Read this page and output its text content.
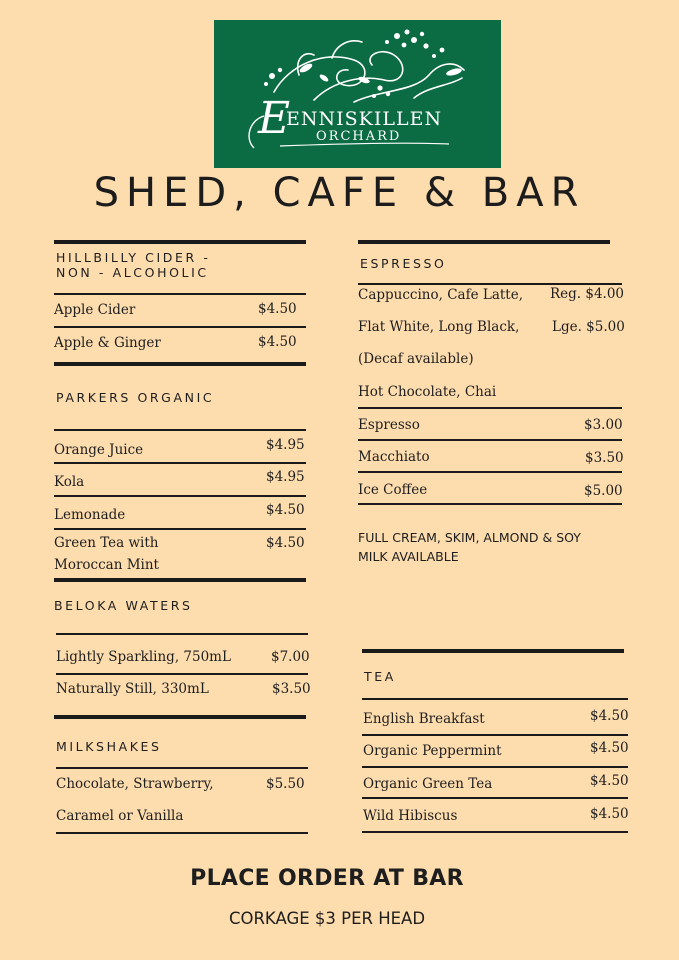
E
ENNISKILLEN
ORCHARD
SHED, CAFE & BAR
HILLBILLY CIDER -
NON - ALCOHOLIC
Apple Cider	$4.50
Apple & Ginger	$4.50
PARKERS ORGANIC
Orange Juice	$4.95
Kola	$4.95
Lemonade	$4.50
Green Tea with
Moroccan Mint
$4.50
BELOKA WATERS
Lightly Sparkling, 750mL	$7.00
Naturally Still, 330mL	$3.50
MILKSHAKES
Chocolate, Strawberry,	$5.50
Caramel or Vanilla
ESPRESSO
Cappuccino, Cafe Latte, Reg. $4.00
Flat White, Long Black, Lge. $5.00
(Decaf available)
Hot Chocolate, Chai
Espresso	$3.00
Macchiato	$3.50
Ice Coffee	$5.00
FULL CREAM, SKIM, ALMOND & SOY
MILK AVAILABLE
TEA
English Breakfast	$4.50
Organic Peppermint	$4.50
Organic Green Tea	$4.50
Wild Hibiscus	$4.50
PLACE ORDER AT BAR
CORKAGE $3 PER HEAD
